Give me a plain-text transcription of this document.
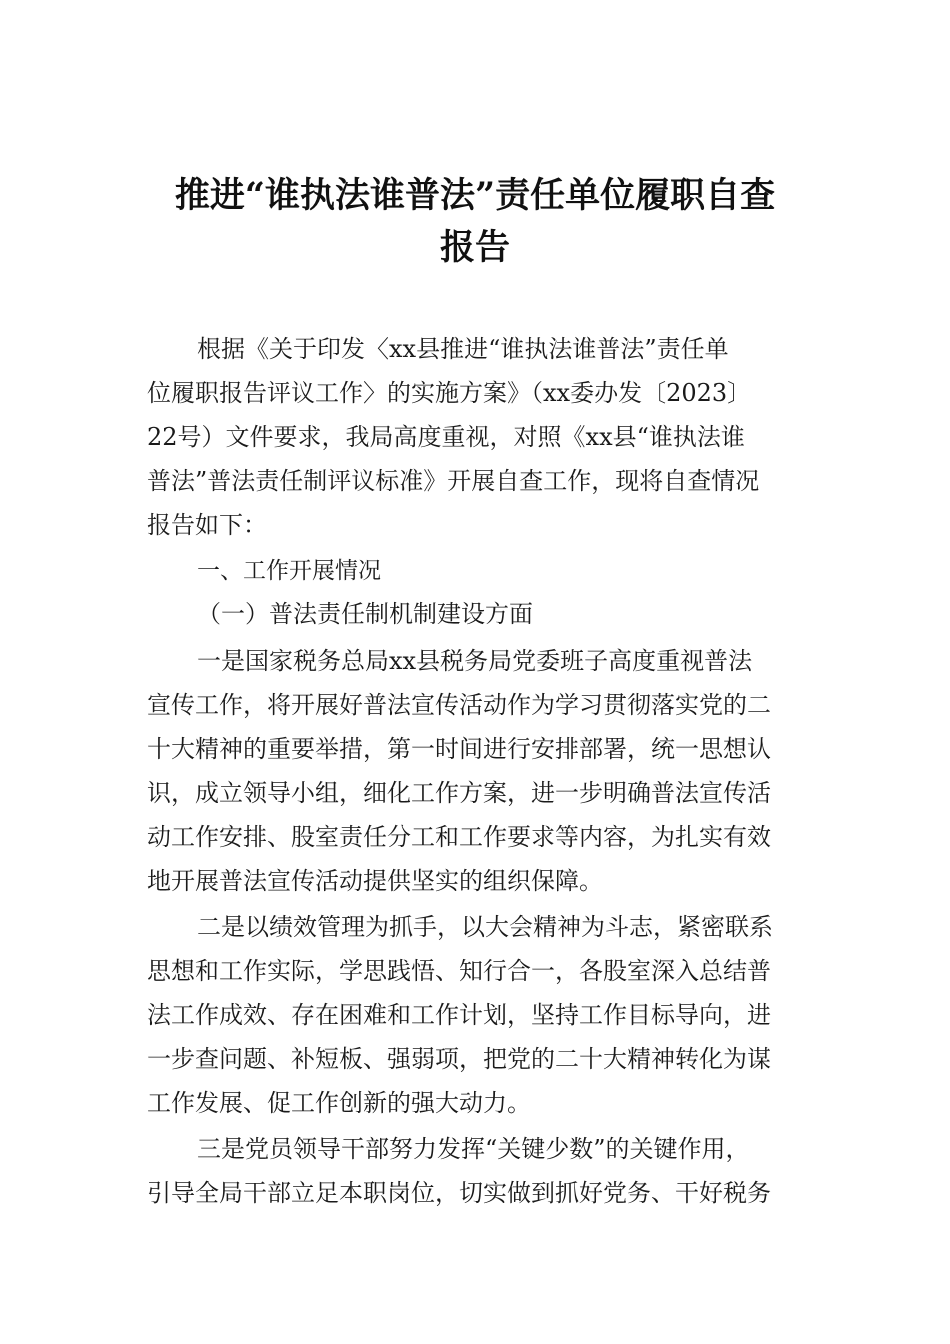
推进“谁执法谁普法”责任单位履职自查
报告

根据《关于印发〈xx县推进“谁执法谁普法”责任单

位履职报告评议工作〉的实施方案》（xx委办发〔2023〕

22号）文件要求，我局高度重视，对照《xx县“谁执法谁

普法”普法责任制评议标准》开展自查工作，现将自查情况

报告如下：

一、工作开展情况

（一）普法责任制机制建设方面

一是国家税务总局xx县税务局党委班子高度重视普法

宣传工作，将开展好普法宣传活动作为学习贯彻落实党的二

十大精神的重要举措，第一时间进行安排部署，统一思想认

识，成立领导小组，细化工作方案，进一步明确普法宣传活

动工作安排、股室责任分工和工作要求等内容，为扎实有效

地开展普法宣传活动提供坚实的组织保障。

二是以绩效管理为抓手，以大会精神为斗志，紧密联系

思想和工作实际，学思践悟、知行合一，各股室深入总结普

法工作成效、存在困难和工作计划，坚持工作目标导向，进

一步查问题、补短板、强弱项，把党的二十大精神转化为谋

工作发展、促工作创新的强大动力。

三是党员领导干部努力发挥“关键少数”的关键作用，

引导全局干部立足本职岗位，切实做到抓好党务、干好税务
